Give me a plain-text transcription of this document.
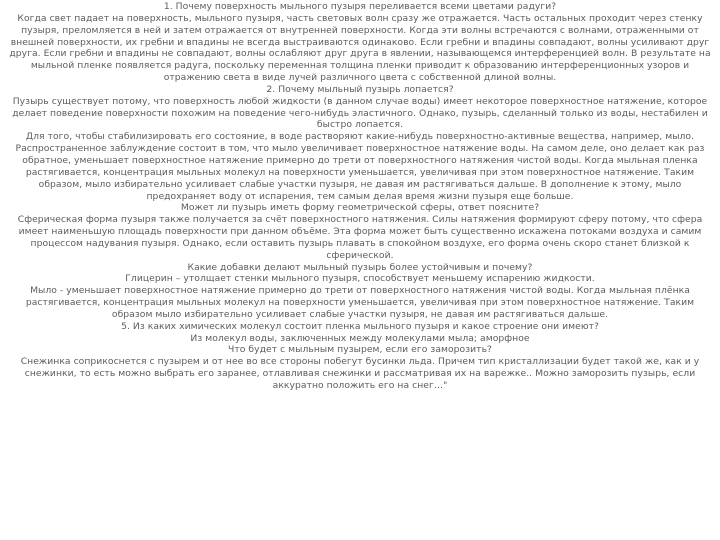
1. Почему поверхность мыльного пузыря переливается всеми цветами радуги?

Когда свет падает на поверхность, мыльного пузыря, часть световых волн сразу же отражается. Часть остальных проходит через стенку пузыря, преломляется в ней и затем отражается от внутренней поверхности. Когда эти волны встречаются с волнами, отраженными от внешней поверхности, их гребни и впадины не всегда выстраиваются одинаково. Если гребни и впадины совпадают, волны усиливают друг друга. Если гребни и впадины не совпадают, волны ослабляют друг друга в явлении, называющемся интерференцией волн. В результате на мыльной пленке появляется радуга, поскольку переменная толщина пленки приводит к образованию интерференционных узоров и отражению света в виде лучей различного цвета с собственной длиной волны.

2. Почему мыльный пузырь лопается?

Пузырь существует потому, что поверхность любой жидкости (в данном случае воды) имеет некоторое поверхностное натяжение, которое делает поведение поверхности похожим на поведение чего-нибудь эластичного. Однако, пузырь, сделанный только из воды, нестабилен и быстро лопается.

Для того, чтобы стабилизировать его состояние, в воде растворяют какие-нибудь поверхностно-активные вещества, например, мыло. Распространенное заблуждение состоит в том, что мыло увеличивает поверхностное натяжение воды. На самом деле, оно делает как раз обратное, уменьшает поверхностное натяжение примерно до трети от поверхностного натяжения чистой воды. Когда мыльная пленка растягивается, концентрация мыльных молекул на поверхности уменьшается, увеличивая при этом поверхностное натяжение. Таким образом, мыло избирательно усиливает слабые участки пузыря, не давая им растягиваться дальше. В дополнение к этому, мыло предохраняет воду от испарения, тем самым делая время жизни пузыря еще больше.

Может ли пузырь иметь форму геометрической сферы, ответ поясните?

Сферическая форма пузыря также получается за счёт поверхностного натяжения. Силы натяжения формируют сферу потому, что сфера имеет наименьшую площадь поверхности при данном объёме. Эта форма может быть существенно искажена потоками воздуха и самим процессом надувания пузыря. Однако, если оставить пузырь плавать в спокойном воздухе, его форма очень скоро станет близкой к сферической.

Какие добавки делают мыльный пузырь более устойчивым и почему?

Глицерин – утолщает стенки мыльного пузыря, способствует меньшему испарению жидкости.

Мыло - уменьшает поверхностное натяжение примерно до трети от поверхностного натяжения чистой воды. Когда мыльная плёнка растягивается, концентрация мыльных молекул на поверхности уменьшается, увеличивая при этом поверхностное натяжение. Таким образом мыло избирательно усиливает слабые участки пузыря, не давая им растягиваться дальше.

5. Из каких химических молекул состоит пленка мыльного пузыря и какое строение они имеют?

Из молекул воды, заключенных между молекулами мыла; аморфное

Что будет с мыльным пузырем, если его заморозить?

Снежинка соприкоснется с пузырем и от нее во все стороны побегут бусинки льда. Причем тип кристаллизации будет такой же, как и у снежинки, то есть можно выбрать его заранее, отлавливая снежинки и рассматривая их на варежке.. Можно заморозить пузырь, если аккуратно положить его на снег…"
